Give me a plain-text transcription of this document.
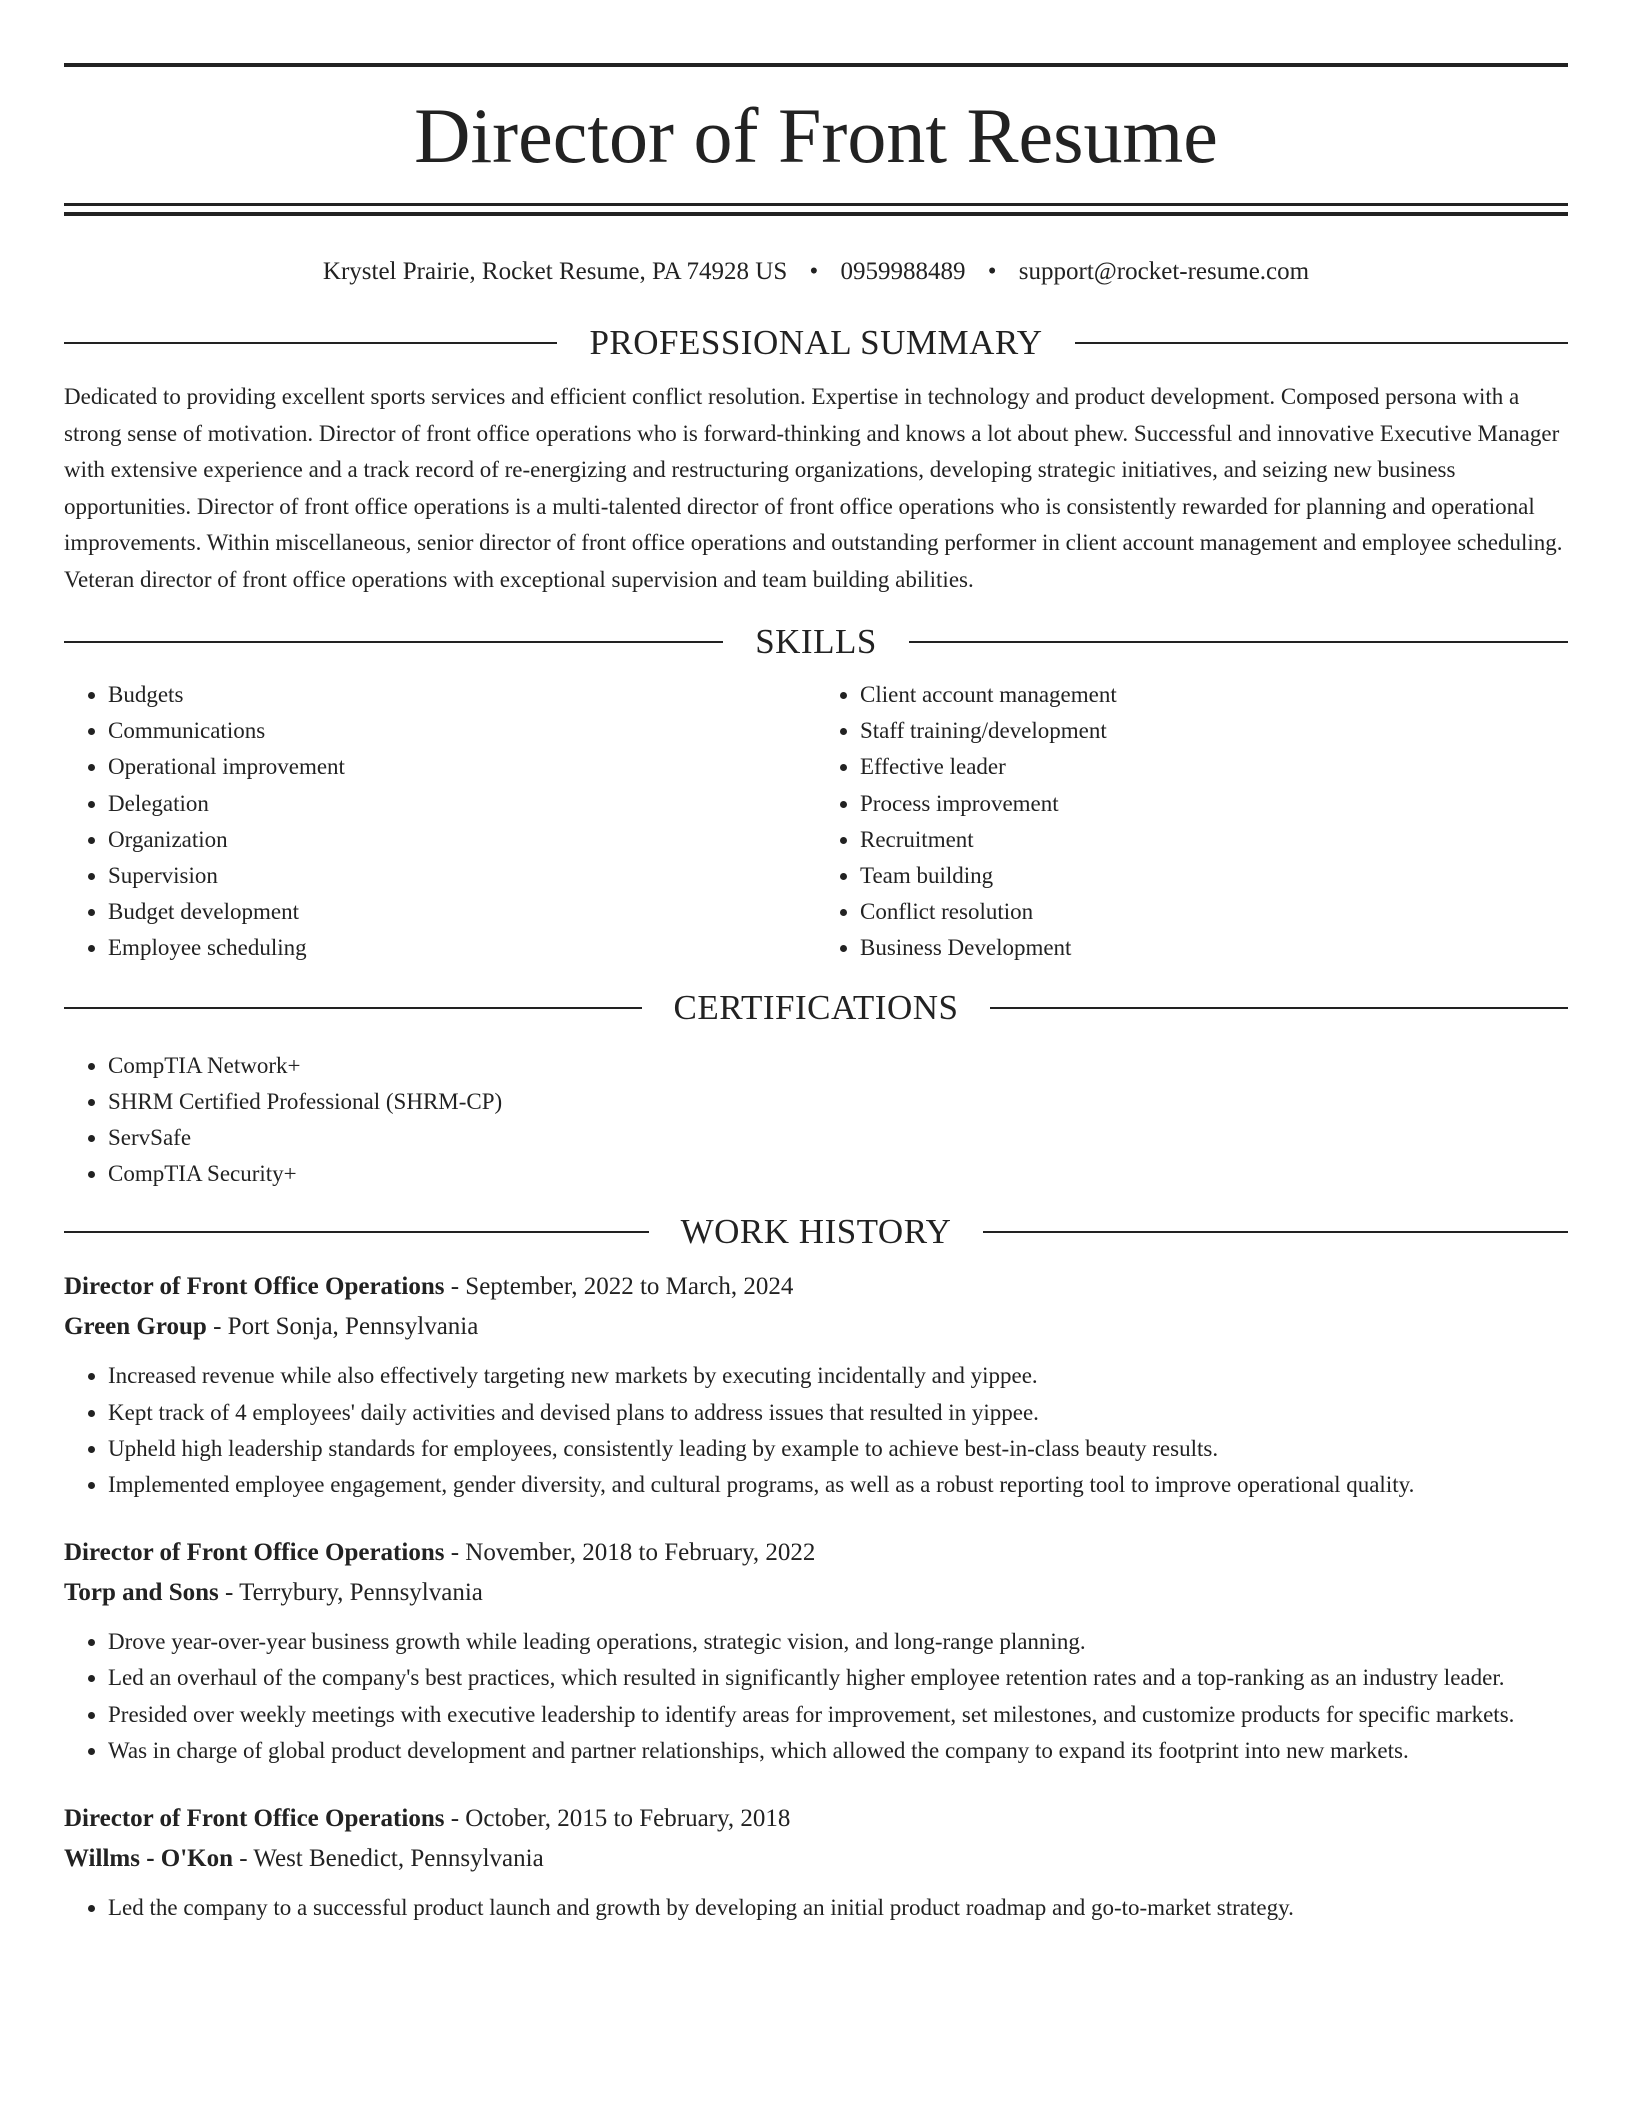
Director of Front Resume
Krystel Prairie, Rocket Resume, PA 74928 US • 0959988489 • support@rocket-resume.com
PROFESSIONAL SUMMARY

Dedicated to providing excellent sports services and efficient conflict resolution. Expertise in technology and product development. Composed persona with a strong sense of motivation. Director of front office operations who is forward-thinking and knows a lot about phew. Successful and innovative Executive Manager with extensive experience and a track record of re-energizing and restructuring organizations, developing strategic initiatives, and seizing new business opportunities. Director of front office operations is a multi-talented director of front office operations who is consistently rewarded for planning and operational improvements. Within miscellaneous, senior director of front office operations and outstanding performer in client account management and employee scheduling. Veteran director of front office operations with exceptional supervision and team building abilities.

SKILLS
• Budgets
• Communications
• Operational improvement
• Delegation
• Organization
• Supervision
• Budget development
• Employee scheduling
• Client account management
• Staff training/development
• Effective leader
• Process improvement
• Recruitment
• Team building
• Conflict resolution
• Business Development
CERTIFICATIONS
• CompTIA Network+
• SHRM Certified Professional (SHRM-CP)
• ServSafe
• CompTIA Security+
WORK HISTORY
Director of Front Office Operations - September, 2022 to March, 2024
Green Group - Port Sonja, Pennsylvania
• Increased revenue while also effectively targeting new markets by executing incidentally and yippee.
• Kept track of 4 employees' daily activities and devised plans to address issues that resulted in yippee.
• Upheld high leadership standards for employees, consistently leading by example to achieve best-in-class beauty results.
• Implemented employee engagement, gender diversity, and cultural programs, as well as a robust reporting tool to improve operational quality.
Director of Front Office Operations - November, 2018 to February, 2022
Torp and Sons - Terrybury, Pennsylvania
• Drove year-over-year business growth while leading operations, strategic vision, and long-range planning.
• Led an overhaul of the company's best practices, which resulted in significantly higher employee retention rates and a top-ranking as an industry leader.
• Presided over weekly meetings with executive leadership to identify areas for improvement, set milestones, and customize products for specific markets.
• Was in charge of global product development and partner relationships, which allowed the company to expand its footprint into new markets.
Director of Front Office Operations - October, 2015 to February, 2018
Willms - O'Kon - West Benedict, Pennsylvania
• Led the company to a successful product launch and growth by developing an initial product roadmap and go-to-market strategy.
